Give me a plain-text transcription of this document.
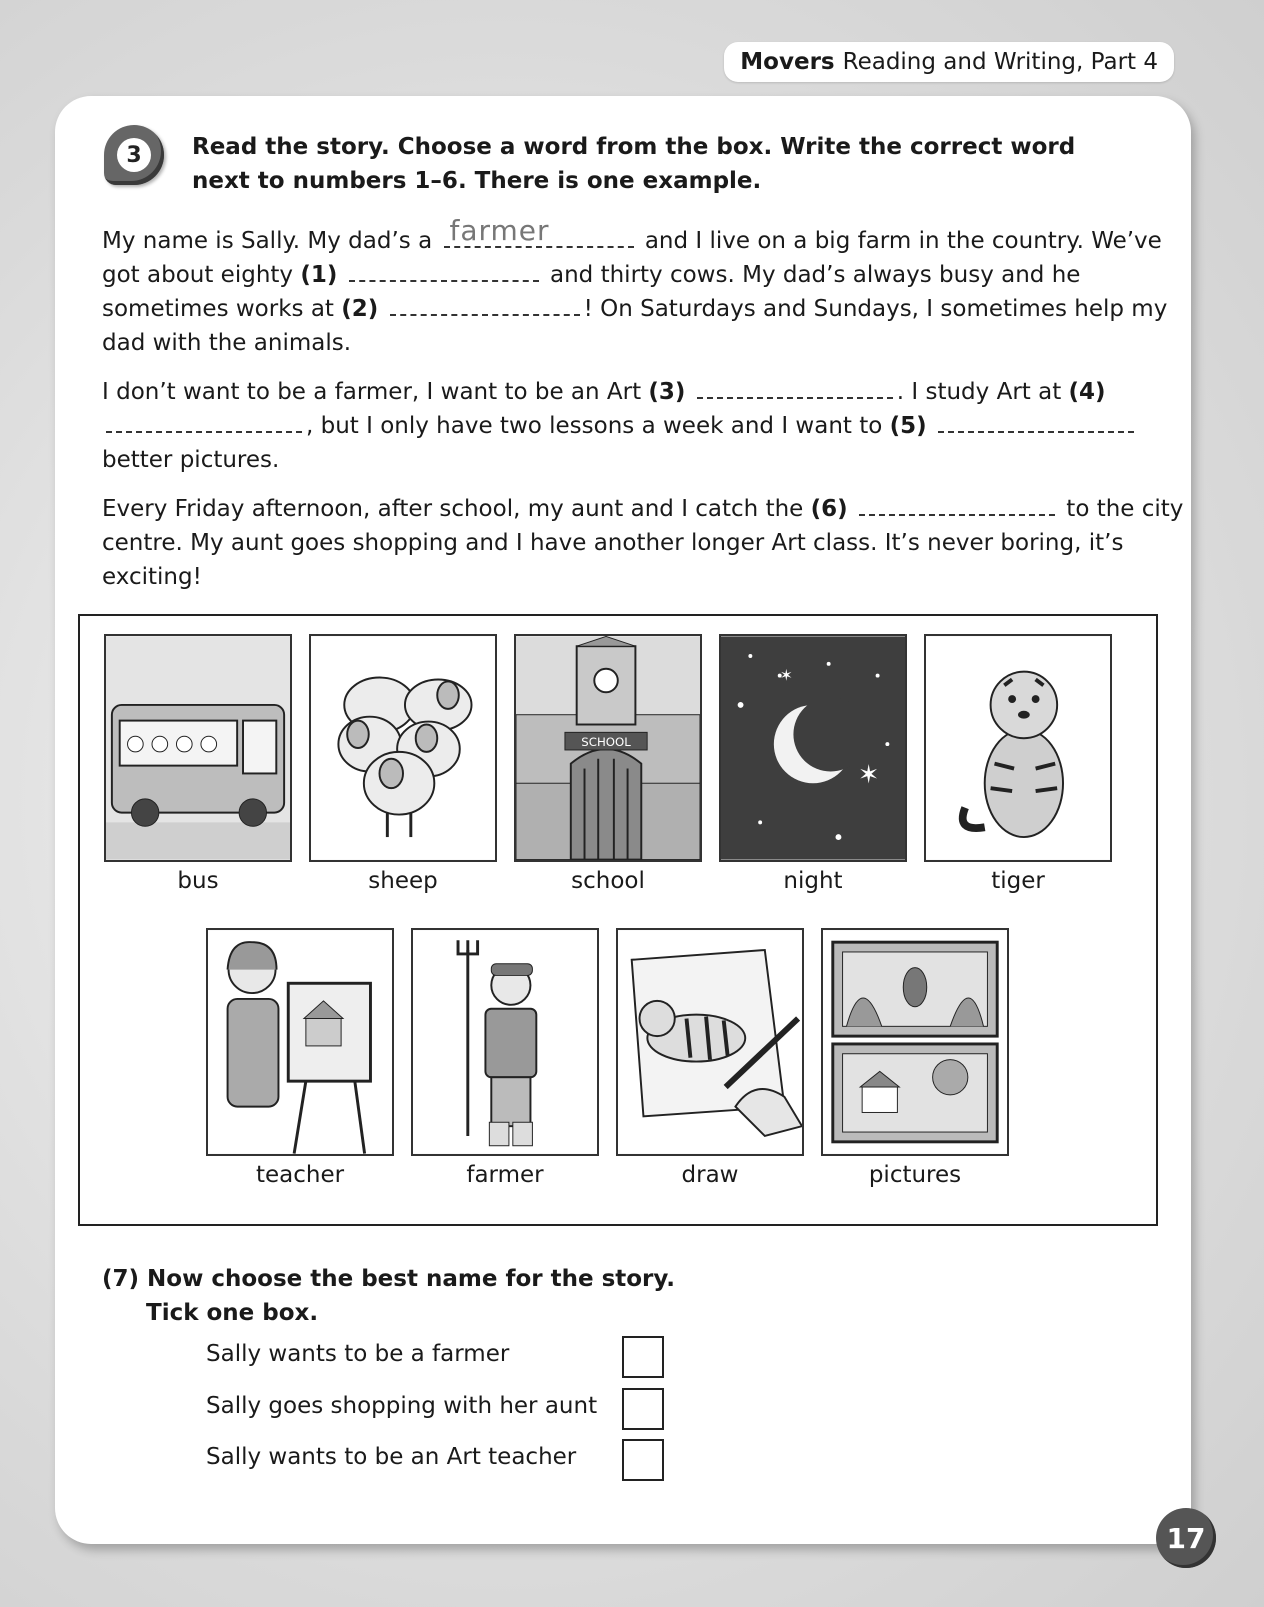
Movers Reading and Writing, Part 4
3	Read the story. Choose a word from the box. Write the correct word next to numbers 1–6. There is one example.

My name is Sally. My dad’s a farmer	and I live on a big farm in the country. We’ve got about eighty (1)	and thirty cows. My dad’s always busy and he sometimes works at (2)	! On Saturdays and Sundays, I sometimes help my dad with the animals.

I don’t want to be a farmer, I want to be an Art (3)	. I study Art at (4) , but I only have two lessons a week and I want to (5)  better pictures.

Every Friday afternoon, after school, my aunt and I catch the (6)	to the city centre. My aunt goes shopping and I have another longer Art class. It’s never boring, it’s exciting!

bus	sheep
SCHOOL
school
✶
✶
night	tiger
teacher	farmer	draw	pictures
(7) Now choose the best name for the story.
Tick one box.
Sally wants to be a farmer
Sally goes shopping with her aunt
Sally wants to be an Art teacher
17
